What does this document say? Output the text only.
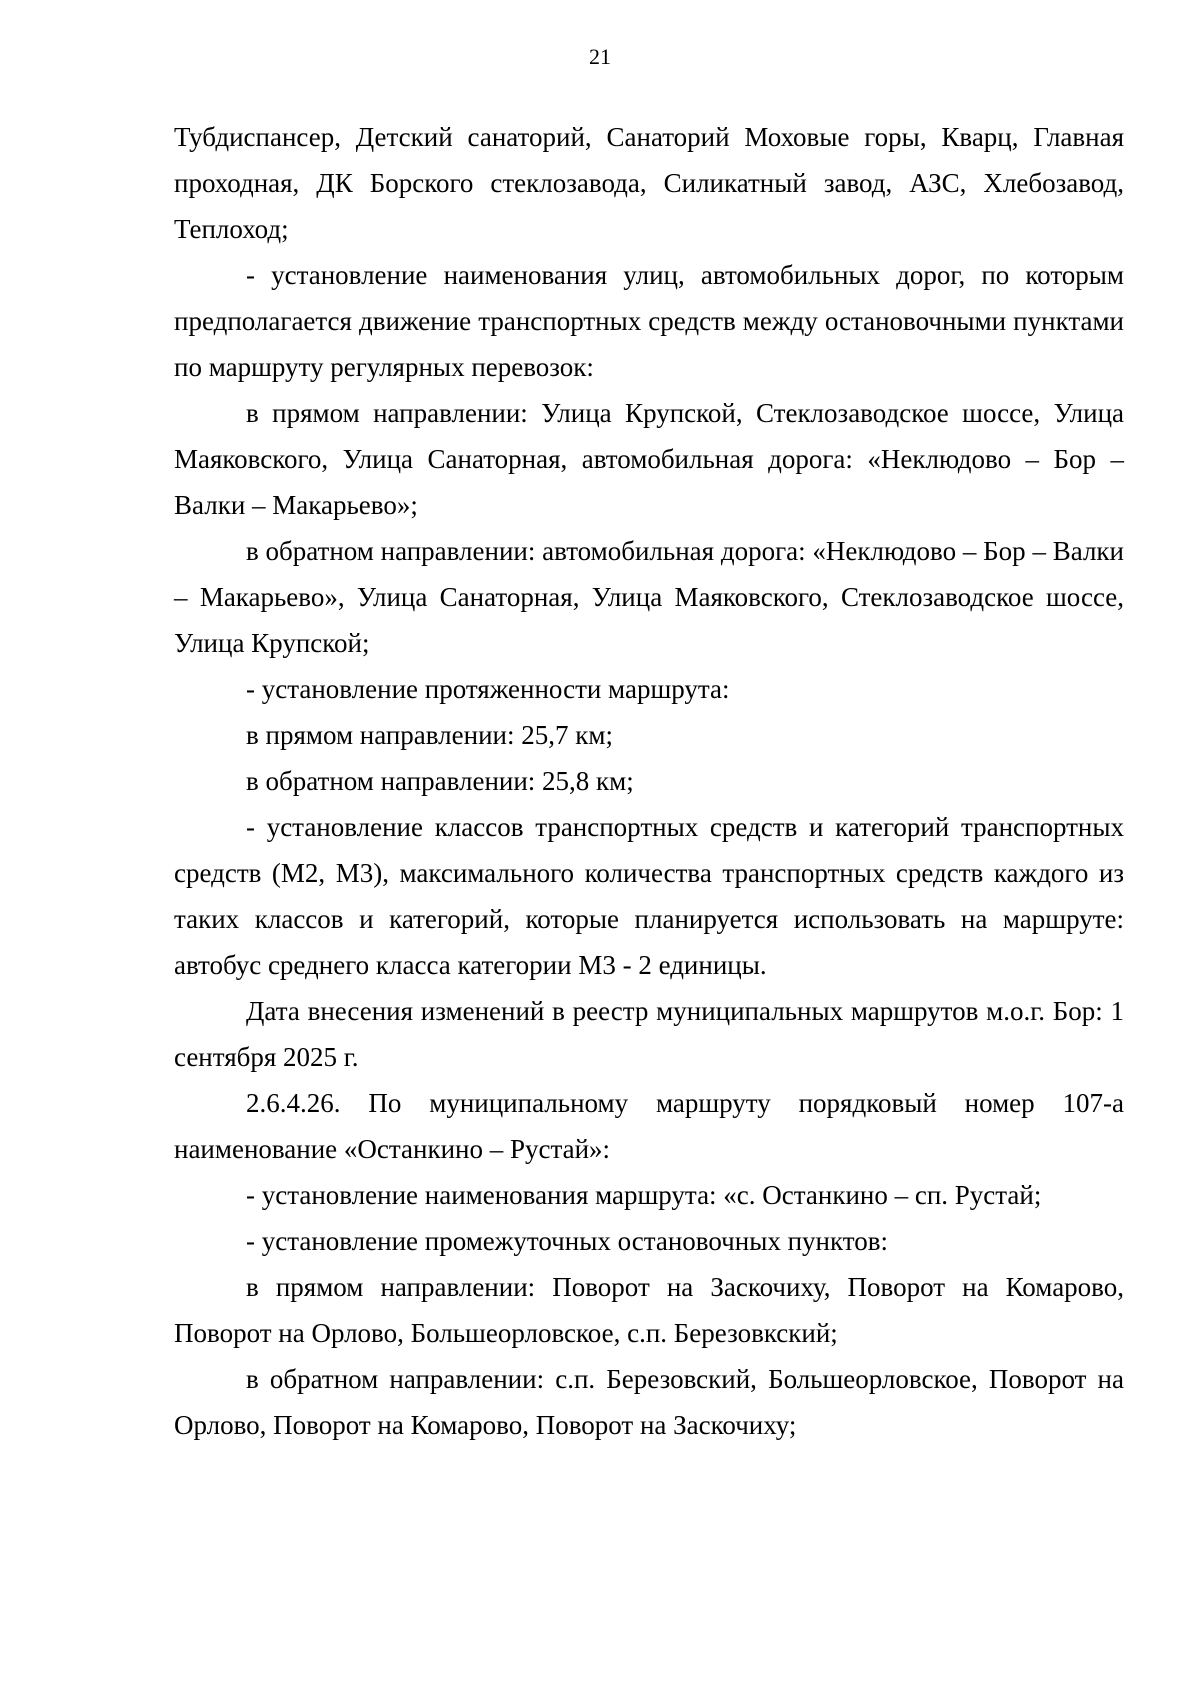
21

Тубдиспансер, Детский санаторий, Санаторий Моховые горы, Кварц, Главная проходная, ДК Борского стеклозавода, Силикатный завод, АЗС, Хлебозавод, Теплоход;

- установление наименования улиц, автомобильных дорог, по которым предполагается движение транспортных средств между остановочными пунктами по маршруту регулярных перевозок:

в прямом направлении: Улица Крупской, Стеклозаводское шоссе, Улица Маяковского, Улица Санаторная, автомобильная дорога: «Неклюдово – Бор – Валки – Макарьево»;

в обратном направлении: автомобильная дорога: «Неклюдово – Бор – Валки – Макарьево», Улица Санаторная, Улица Маяковского, Стеклозаводское шоссе, Улица Крупской;

- установление протяженности маршрута:

в прямом направлении: 25,7 км;

в обратном направлении: 25,8 км;

- установление классов транспортных средств и категорий транспортных средств (М2, М3), максимального количества транспортных средств каждого из таких классов и категорий, которые планируется использовать на маршруте: автобус среднего класса категории М3 - 2 единицы.

Дата внесения изменений в реестр муниципальных маршрутов м.о.г. Бор: 1 сентября 2025 г.

2.6.4.26. По муниципальному маршруту порядковый номер 107-а наименование «Останкино – Рустай»:

- установление наименования маршрута: «с. Останкино – сп. Рустай;

- установление промежуточных остановочных пунктов:

в прямом направлении: Поворот на Заскочиху, Поворот на Комарово, Поворот на Орлово, Большеорловское, с.п. Березовкский;

в обратном направлении: с.п. Березовский, Большеорловское, Поворот на Орлово, Поворот на Комарово, Поворот на Заскочиху;
